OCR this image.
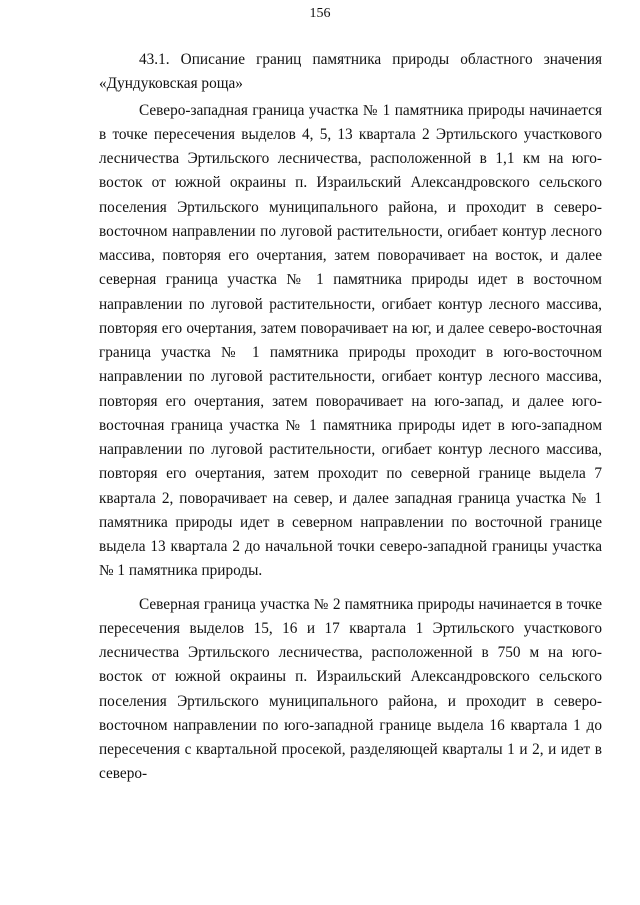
156

43.1. Описание границ памятника природы областного значения «Дундуковская роща»

Северо-западная граница участка № 1 памятника природы начинается в точке пересечения выделов 4, 5, 13 квартала 2 Эртильского участкового лесничества Эртильского лесничества, расположенной в 1,1 км на юго-восток от южной окраины п. Израильский Александровского сельского поселения Эртильского муниципального района, и проходит в северо-восточном направлении по луговой растительности, огибает контур лесного массива, повторяя его очертания, затем поворачивает на восток, и далее северная граница участка № 1 памятника природы идет в восточном направлении по луговой растительности, огибает контур лесного массива, повторяя его очертания, затем поворачивает на юг, и далее северо-восточная граница участка № 1 памятника природы проходит в юго-восточном направлении по луговой растительности, огибает контур лесного массива, повторяя его очертания, затем поворачивает на юго-запад, и далее юго-восточная граница участка № 1 памятника природы идет в юго-западном направлении по луговой растительности, огибает контур лесного массива, повторяя его очертания, затем проходит по северной границе выдела 7 квартала 2, поворачивает на север, и далее западная граница участка № 1 памятника природы идет в северном направлении по восточной границе выдела 13 квартала 2 до начальной точки северо-западной границы участка № 1 памятника природы.

Северная граница участка № 2 памятника природы начинается в точке пересечения выделов 15, 16 и 17 квартала 1 Эртильского участкового лесничества Эртильского лесничества, расположенной в 750 м на юго-восток от южной окраины п. Израильский Александровского сельского поселения Эртильского муниципального района, и проходит в северо-восточном направлении по юго-западной границе выдела 16 квартала 1 до пересечения с квартальной просекой, разделяющей кварталы 1 и 2, и идет в северо-
